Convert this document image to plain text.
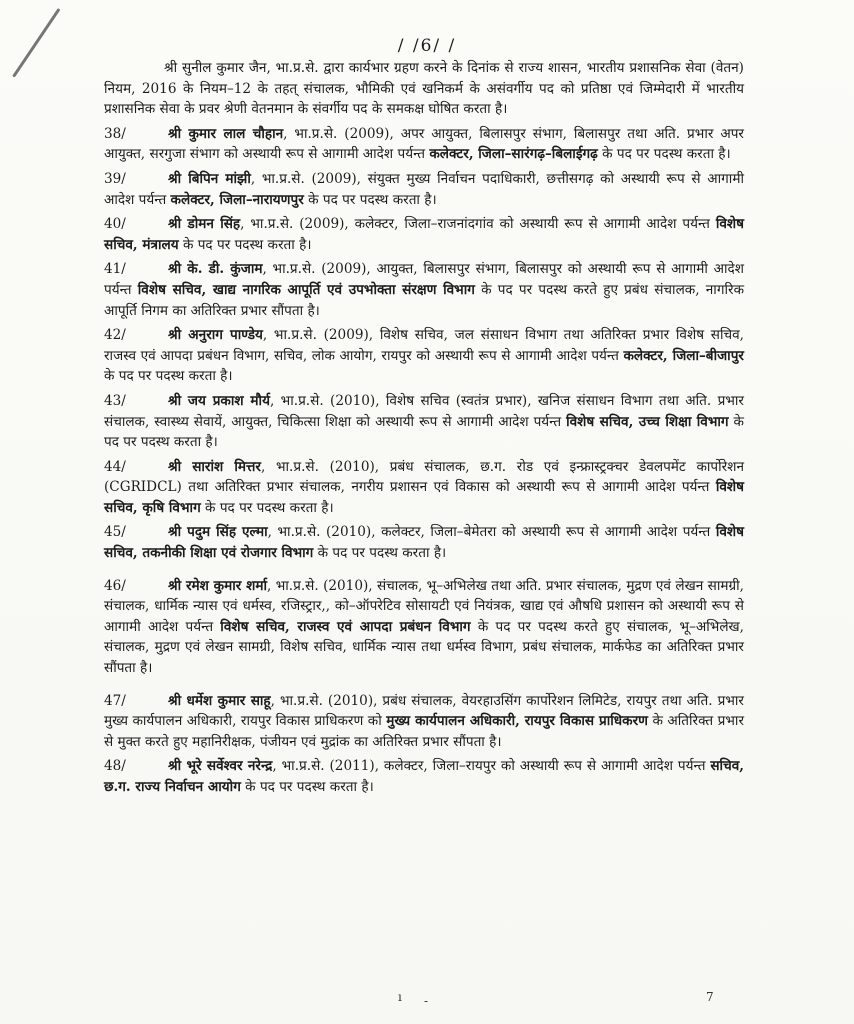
/ /6/ /

श्री सुनील कुमार जैन, भा.प्र.से. द्वारा कार्यभार ग्रहण करने के दिनांक से राज्य शासन, भारतीय प्रशासनिक सेवा (वेतन) नियम, 2016 के नियम–12 के तहत् संचालक, भौमिकी एवं खनिकर्म के असंवर्गीय पद को प्रतिष्ठा एवं जिम्मेदारी में भारतीय प्रशासनिक सेवा के प्रवर श्रेणी वेतनमान के संवर्गीय पद के समकक्ष घोषित करता है।

38/	श्री कुमार लाल चौहान, भा.प्र.से. (2009), अपर आयुक्त, बिलासपुर संभाग, बिलासपुर तथा अति. प्रभार अपर आयुक्त, सरगुजा संभाग को अस्थायी रूप से आगामी आदेश पर्यन्त कलेक्टर, जिला–सारंगढ़–बिलाईगढ़ के पद पर पदस्थ करता है।

39/	श्री बिपिन मांझी, भा.प्र.से. (2009), संयुक्त मुख्य निर्वाचन पदाधिकारी, छत्तीसगढ़ को अस्थायी रूप से आगामी आदेश पर्यन्त कलेक्टर, जिला–नारायणपुर के पद पर पदस्थ करता है।

40/	श्री डोमन सिंह, भा.प्र.से. (2009), कलेक्टर, जिला–राजनांदगांव को अस्थायी रूप से आगामी आदेश पर्यन्त विशेष सचिव, मंत्रालय के पद पर पदस्थ करता है।

41/	श्री के. डी. कुंजाम, भा.प्र.से. (2009), आयुक्त, बिलासपुर संभाग, बिलासपुर को अस्थायी रूप से आगामी आदेश पर्यन्त विशेष सचिव, खाद्य नागरिक आपूर्ति एवं उपभोक्ता संरक्षण विभाग के पद पर पदस्थ करते हुए प्रबंध संचालक, नागरिक आपूर्ति निगम का अतिरिक्त प्रभार सौंपता है।

42/	श्री अनुराग पाण्डेय, भा.प्र.से. (2009), विशेष सचिव, जल संसाधन विभाग तथा अतिरिक्त प्रभार विशेष सचिव, राजस्व एवं आपदा प्रबंधन विभाग, सचिव, लोक आयोग, रायपुर को अस्थायी रूप से आगामी आदेश पर्यन्त कलेक्टर, जिला–बीजापुर के पद पर पदस्थ करता है।

43/	श्री जय प्रकाश मौर्य, भा.प्र.से. (2010), विशेष सचिव (स्वतंत्र प्रभार), खनिज संसाधन विभाग तथा अति. प्रभार संचालक, स्वास्थ्य सेवायें, आयुक्त, चिकित्सा शिक्षा को अस्थायी रूप से आगामी आदेश पर्यन्त विशेष सचिव, उच्च शिक्षा विभाग के पद पर पदस्थ करता है।

44/	श्री सारांश मित्तर, भा.प्र.से. (2010), प्रबंध संचालक, छ.ग. रोड एवं इन्फ्रास्ट्रक्चर डेवलपमेंट कार्पोरेशन (CGRIDCL) तथा अतिरिक्त प्रभार संचालक, नगरीय प्रशासन एवं विकास को अस्थायी रूप से आगामी आदेश पर्यन्त विशेष सचिव, कृषि विभाग के पद पर पदस्थ करता है।

45/	श्री पदुम सिंह एल्मा, भा.प्र.से. (2010), कलेक्टर, जिला–बेमेतरा को अस्थायी रूप से आगामी आदेश पर्यन्त विशेष सचिव, तकनीकी शिक्षा एवं रोजगार विभाग के पद पर पदस्थ करता है।

46/	श्री रमेश कुमार शर्मा, भा.प्र.से. (2010), संचालक, भू–अभिलेख तथा अति. प्रभार संचालक, मुद्रण एवं लेखन सामग्री, संचालक, धार्मिक न्यास एवं धर्मस्व, रजिस्ट्रार,, को–ऑपरेटिव सोसायटी एवं नियंत्रक, खाद्य एवं औषधि प्रशासन को अस्थायी रूप से आगामी आदेश पर्यन्त विशेष सचिव, राजस्व एवं आपदा प्रबंधन विभाग के पद पर पदस्थ करते हुए संचालक, भू–अभिलेख, संचालक, मुद्रण एवं लेखन सामग्री, विशेष सचिव, धार्मिक न्यास तथा धर्मस्व विभाग, प्रबंध संचालक, मार्कफेड का अतिरिक्त प्रभार सौंपता है।

47/	श्री धर्मेश कुमार साहू, भा.प्र.से. (2010), प्रबंध संचालक, वेयरहाउसिंग कार्पोरेशन लिमिटेड, रायपुर तथा अति. प्रभार मुख्य कार्यपालन अधिकारी, रायपुर विकास प्राधिकरण को मुख्य कार्यपालन अधिकारी, रायपुर विकास प्राधिकरण के अतिरिक्त प्रभार से मुक्त करते हुए महानिरीक्षक, पंजीयन एवं मुद्रांक का अतिरिक्त प्रभार सौंपता है।

48/	श्री भूरे सर्वेश्वर नरेन्द्र, भा.प्र.से. (2011), कलेक्टर, जिला–रायपुर को अस्थायी रूप से आगामी आदेश पर्यन्त सचिव, छ.ग. राज्य निर्वाचन आयोग के पद पर पदस्थ करता है।

ı -	7
